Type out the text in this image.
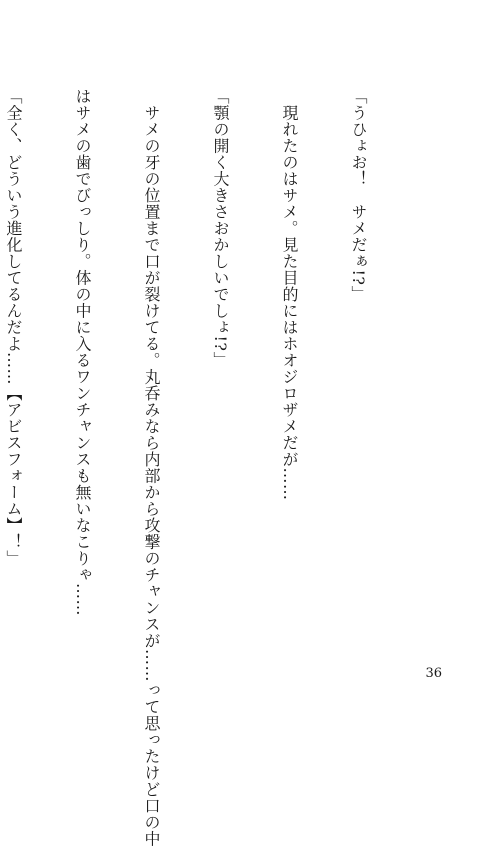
「うひょお！　サメだぁ!?」

　現れたのはサメ。見た目的にはホオジロザメだが……

「顎の開く大きさおかしいでしょ!?」

　サメの牙の位置まで口が裂けてる。丸呑みなら内部から攻撃のチャンスが……って思ったけど口の中

はサメの歯でびっしり。体の中に入るワンチャンスも無いなこりゃ……

「全く、どういう進化してるんだよ……【アビスフォーム】！」

36
